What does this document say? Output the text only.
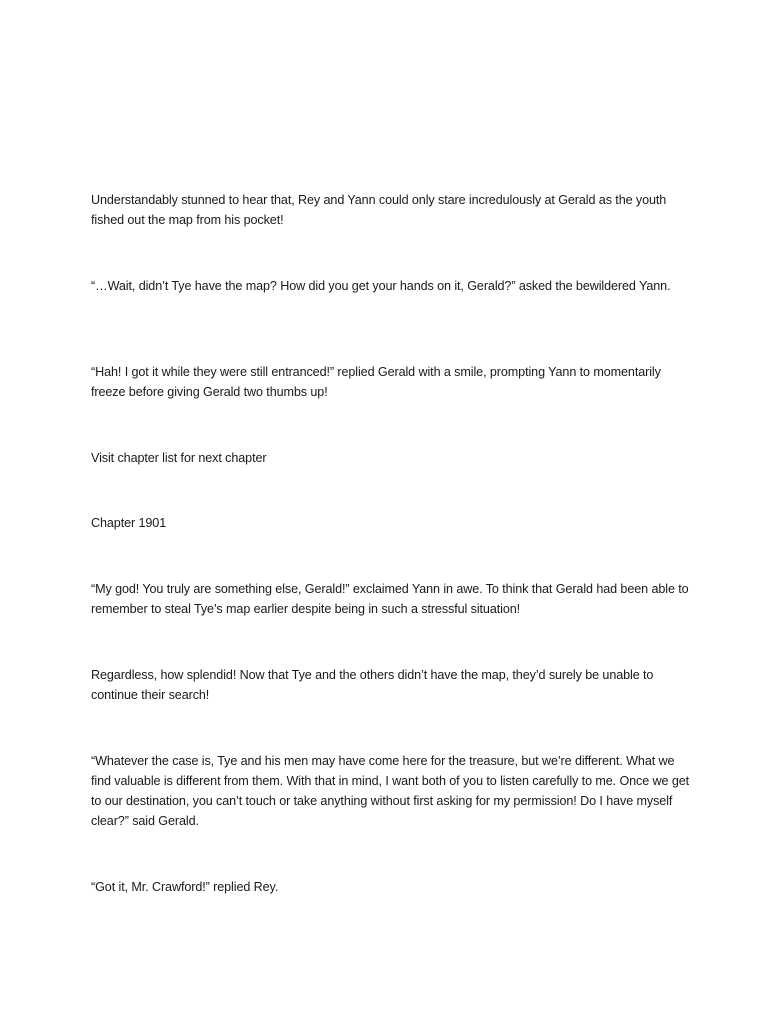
Understandably stunned to hear that, Rey and Yann could only stare incredulously at Gerald as the youth fished out the map from his pocket!

“…Wait, didn’t Tye have the map? How did you get your hands on it, Gerald?” asked the bewildered Yann.

“Hah! I got it while they were still entranced!” replied Gerald with a smile, prompting Yann to momentarily freeze before giving Gerald two thumbs up!

Visit chapter list for next chapter

Chapter 1901

“My god! You truly are something else, Gerald!” exclaimed Yann in awe. To think that Gerald had been able to remember to steal Tye’s map earlier despite being in such a stressful situation!

Regardless, how splendid! Now that Tye and the others didn’t have the map, they’d surely be unable to continue their search!

“Whatever the case is, Tye and his men may have come here for the treasure, but we’re different. What we find valuable is different from them. With that in mind, I want both of you to listen carefully to me. Once we get to our destination, you can’t touch or take anything without first asking for my permission! Do I have myself clear?” said Gerald.

“Got it, Mr. Crawford!” replied Rey.
